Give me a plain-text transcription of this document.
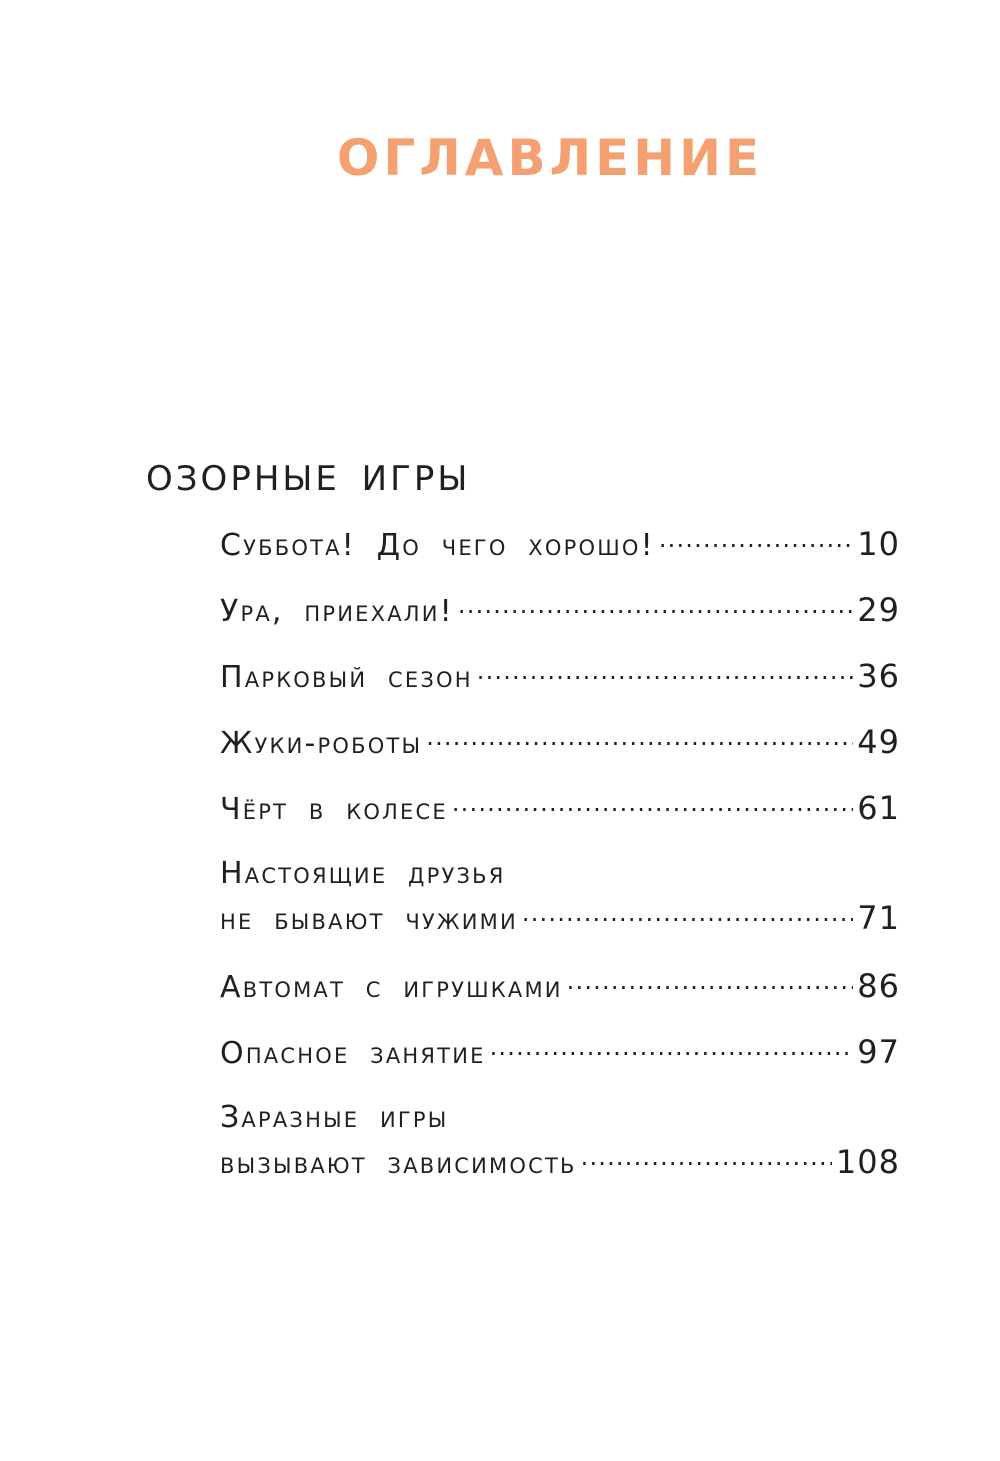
ОГЛАВЛЕНИЕ
ОЗОРНЫЕ ИГРЫ
Суббота! До чего хорошо! .....	10
Ура, приехали! .....	29
Парковый сезон .....	36
Жуки-роботы .....	49
Чёрт в колесе .....	61
Настоящие друзья
не бывают чужими .....	71
Автомат с игрушками .....	86
Опасное занятие .....	97
Заразные игры
вызывают зависимость .....	108
